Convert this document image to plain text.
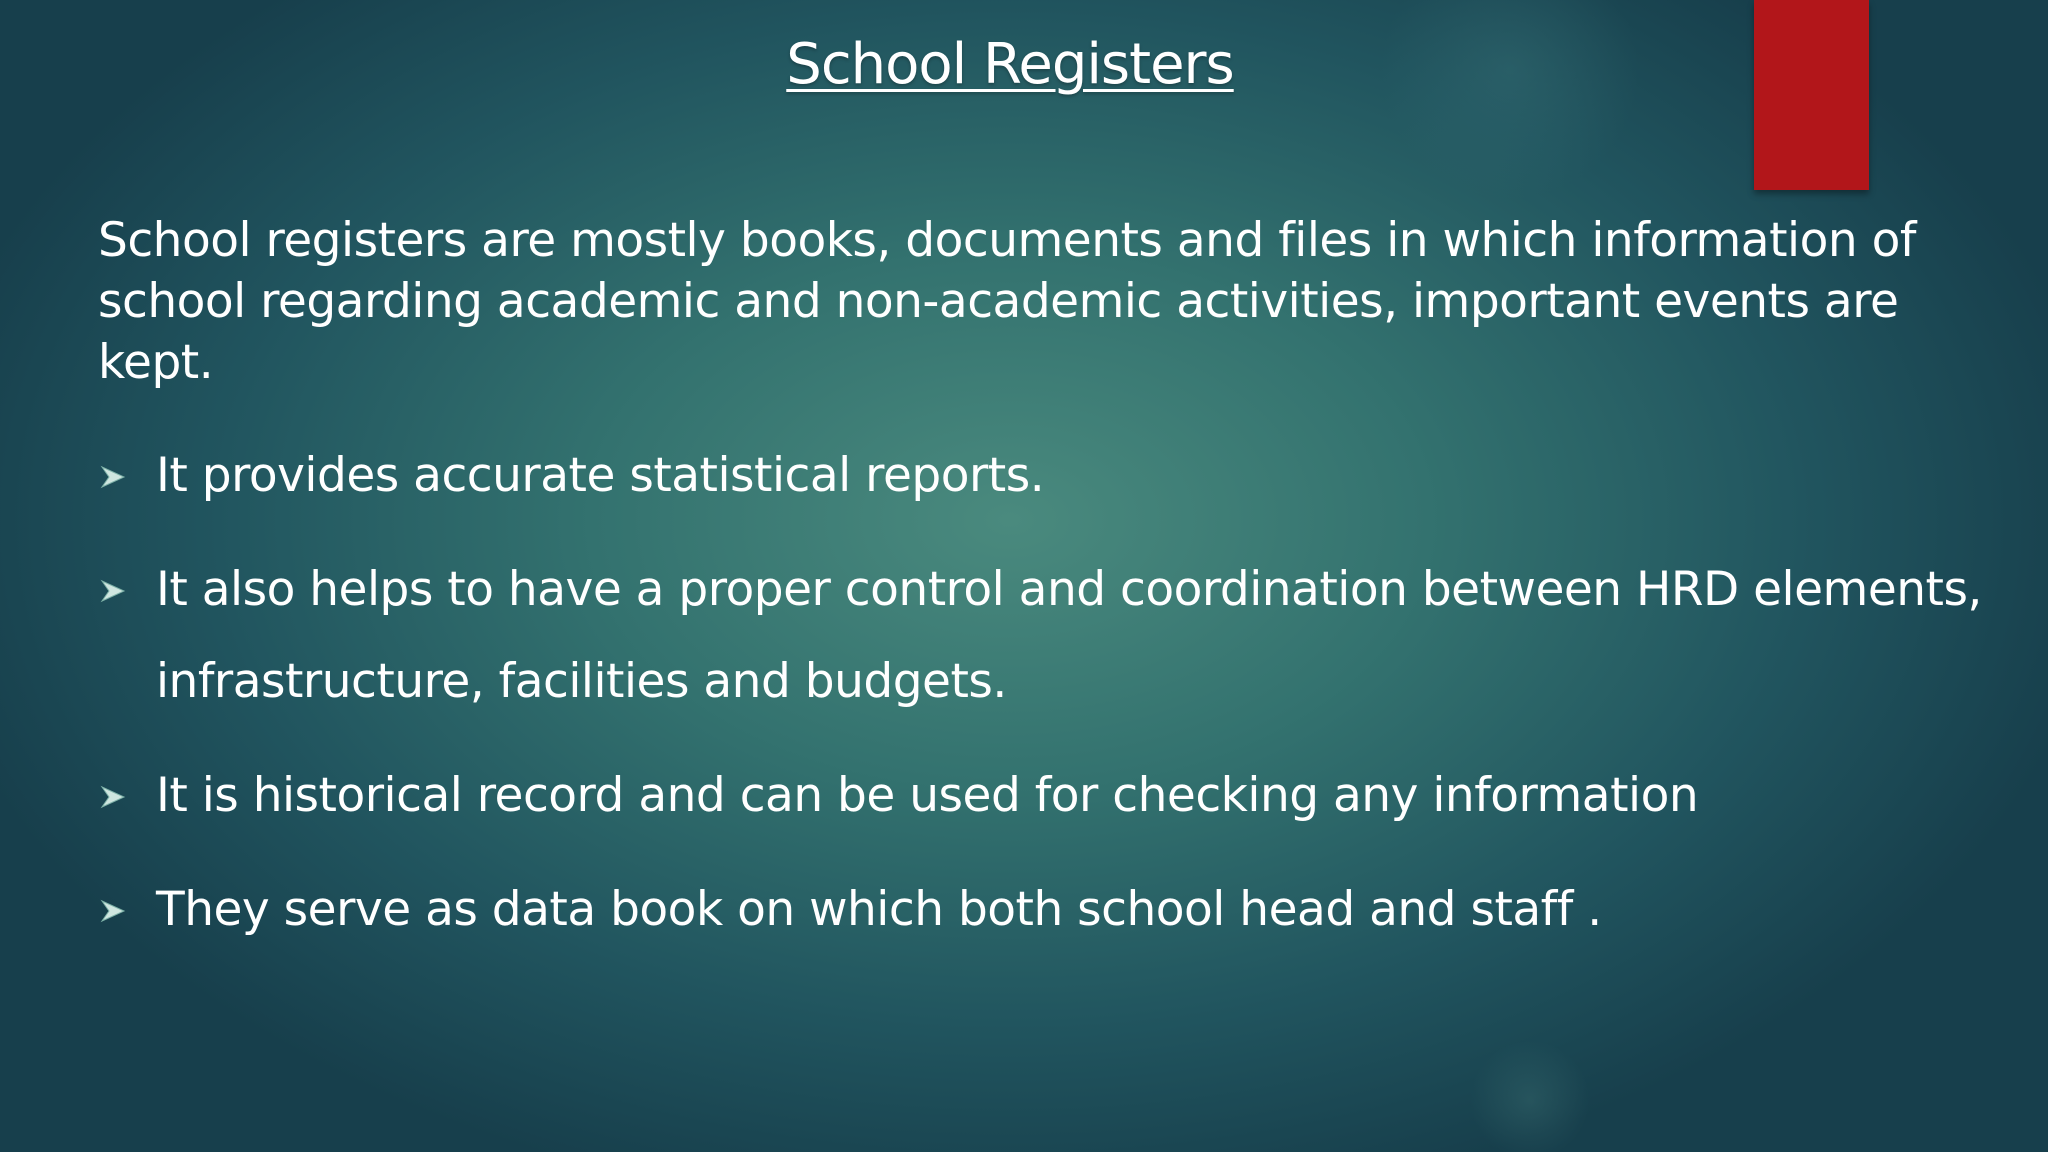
School Registers
School registers are mostly books, documents and files in which information of school regarding academic and non-academic activities, important events are kept.
It provides accurate statistical reports.
It also helps to have a proper control and coordination between HRD elements, infrastructure, facilities and budgets.
It is historical record and can be used for checking any information
They serve as data book on which both school head and staff .
